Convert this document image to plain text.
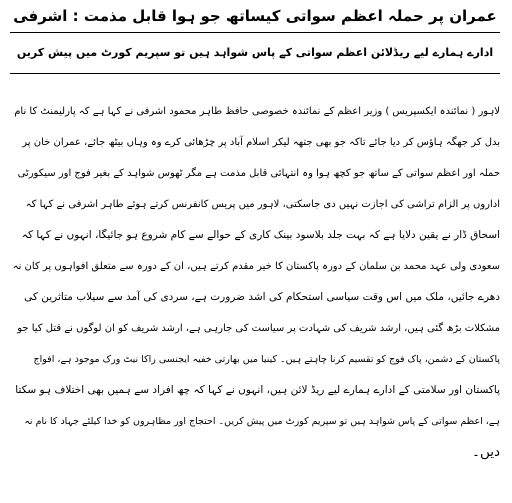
عمران پر حملہ اعظم سواتی کیساتھ جو ہوا قابل مذمت : اشرفی
ادارے ہمارے لیے ریڈلائن اعظم سواتی کے پاس شواہد ہیں تو سپریم کورٹ میں پیش کریں
لاہور ( نمائندہ ایکسپریس ) وزیر اعظم کے نمائندہ خصوصی حافظ طاہر محمود اشرفی نے کہا ہے کہ پارلیمنٹ کا نام
بدل کر جھگہ ہاؤس کر دیا جائے تاکہ جو بھی جتھہ لیکر اسلام آباد پر چڑھائی کرے وہ وہاں بیٹھ جائے، عمران خان پر
حملہ اور اعظم سواتی کے ساتھ جو کچھ ہوا وہ انتہائی قابل مذمت ہے مگر ٹھوس شواہد کے بغیر فوج اور سیکورٹی
اداروں پر الزام تراشی کی اجازت نہیں دی جاسکتی، لاہور میں پریس کانفرنس کرتے ہوئے طاہر اشرفی نے کہا کہ
اسحاق ڈار نے یقین دلایا ہے کہ بہت جلد بلاسود بینک کاری کے حوالے سے کام شروع ہو جائیگا، انہوں نے کہا کہ
سعودی ولی عہد محمد بن سلمان کے دورہ پاکستان کا خیر مقدم کرتے ہیں، ان کے دورہ سے متعلق افواہوں پر کان نہ
دھرے جائیں، ملک میں اس وقت سیاسی استحکام کی اشد ضرورت ہے، سردی کی آمد سے سیلاب متاثرین کی
مشکلات بڑھ گئی ہیں، ارشد شریف کی شہادت پر سیاست کی جارہی ہے، ارشد شریف کو ان لوگوں نے قتل کیا جو
پاکستان کے دشمن، پاک فوج کو تقسیم کرنا چاہتے ہیں۔ کینیا میں بھارتی خفیہ ایجنسی راکا نیٹ ورک موجود ہے، افواج
پاکستان اور سلامتی کے ادارے ہمارے لیے ریڈ لائن ہیں، انہوں نے کہا کہ چھ افراد سے ہمیں بھی اختلاف ہو سکتا
ہے، اعظم سواتی کے پاس شواہد ہیں تو سپریم کورٹ میں پیش کریں۔ احتجاج اور مظاہروں کو خدا کیلئے جہاد کا نام نہ
دیں۔
